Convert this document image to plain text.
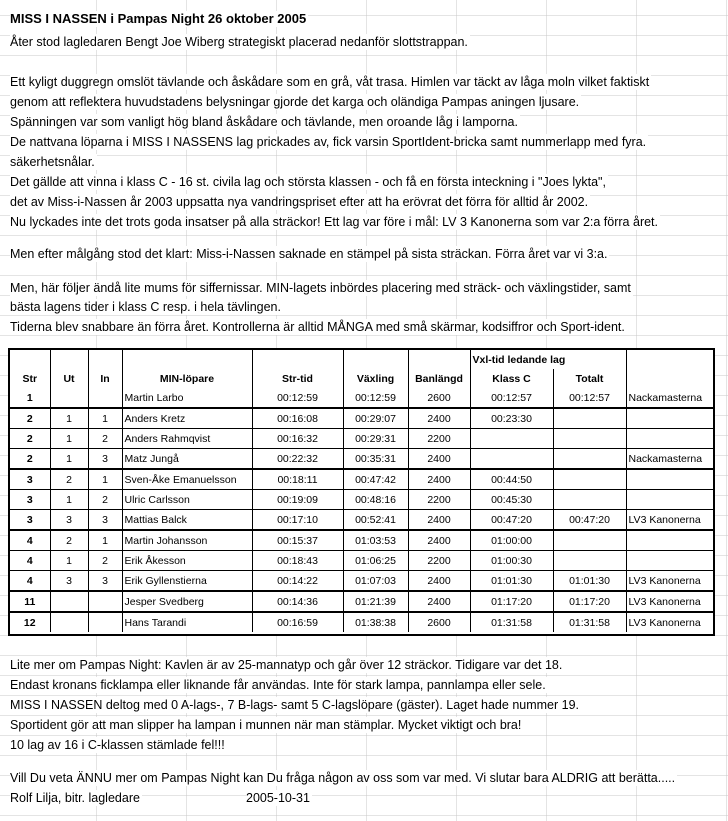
MISS I NASSEN i Pampas Night 26 oktober 2005
Åter stod lagledaren Bengt Joe Wiberg strategiskt placerad nedanför slottstrappan.
Ett kyligt duggregn omslöt tävlande och åskådare som en grå, våt trasa. Himlen var täckt av låga moln vilket faktiskt
genom att reflektera huvudstadens belysningar gjorde det karga och oländiga Pampas aningen ljusare.
Spänningen var som vanligt hög bland åskådare och tävlande, men oroande låg i lamporna.
De nattvana löparna i MISS I NASSENS lag prickades av, fick varsin SportIdent-bricka samt nummerlapp med fyra.
säkerhetsnålar.
Det gällde att vinna i klass C - 16 st. civila lag och största klassen - och få en första inteckning i "Joes lykta",
det av Miss-i-Nassen år 2003 uppsatta nya vandringspriset efter att ha erövrat det förra för alltid år 2002.
Nu lyckades inte det trots goda insatser på alla sträckor! Ett lag var före i mål: LV 3 Kanonerna som var 2:a förra året.
Men efter målgång stod det klart: Miss-i-Nassen saknade en stämpel på sista sträckan. Förra året var vi 3:a.
Men, här följer ändå lite mums för siffernissar. MIN-lagets inbördes placering med sträck- och växlingstider, samt
bästa lagens tider i klass C resp. i hela tävlingen.
Tiderna blev snabbare än förra året. Kontrollerna är alltid MÅNGA med små skärmar, kodsiffror och Sport-ident.
							Vxl-tid ledande lag		
Str	Ut	In	MIN-löpare	Str-tid	Växling	Banlängd	Klass C	Totalt	
1			Martin Larbo	00:12:59	00:12:59	2600	00:12:57	00:12:57	Nackamasterna
2	1	1	Anders Kretz	00:16:08	00:29:07	2400	00:23:30		
2	1	2	Anders Rahmqvist	00:16:32	00:29:31	2200			
2	1	3	Matz Jungå	00:22:32	00:35:31	2400			Nackamasterna
3	2	1	Sven-Åke Emanuelsson	00:18:11	00:47:42	2400	00:44:50		
3	1	2	Ulric Carlsson	00:19:09	00:48:16	2200	00:45:30		
3	3	3	Mattias Balck	00:17:10	00:52:41	2400	00:47:20	00:47:20	LV3 Kanonerna
4	2	1	Martin Johansson	00:15:37	01:03:53	2400	01:00:00		
4	1	2	Erik Åkesson	00:18:43	01:06:25	2200	01:00:30		
4	3	3	Erik Gyllenstierna	00:14:22	01:07:03	2400	01:01:30	01:01:30	LV3 Kanonerna
11			Jesper Svedberg	00:14:36	01:21:39	2400	01:17:20	01:17:20	LV3 Kanonerna
12			Hans Tarandi	00:16:59	01:38:38	2600	01:31:58	01:31:58	LV3 Kanonerna
Lite mer om Pampas Night: Kavlen är av 25-mannatyp och går över 12 sträckor. Tidigare var det 18.
Endast kronans ficklampa eller liknande får användas. Inte för stark lampa, pannlampa eller sele.
MISS I NASSEN deltog med 0 A-lags-, 7 B-lags- samt 5 C-lagslöpare (gäster). Laget hade nummer 19.
Sportident gör att man slipper ha lampan i munnen när man stämplar. Mycket viktigt och bra!
10 lag av 16 i C-klassen stämlade fel!!!
Vill Du veta ÄNNU mer om Pampas Night kan Du fråga någon av oss som var med. Vi slutar bara ALDRIG att berätta.....
Rolf Lilja, bitr. lagledare	2005-10-31
